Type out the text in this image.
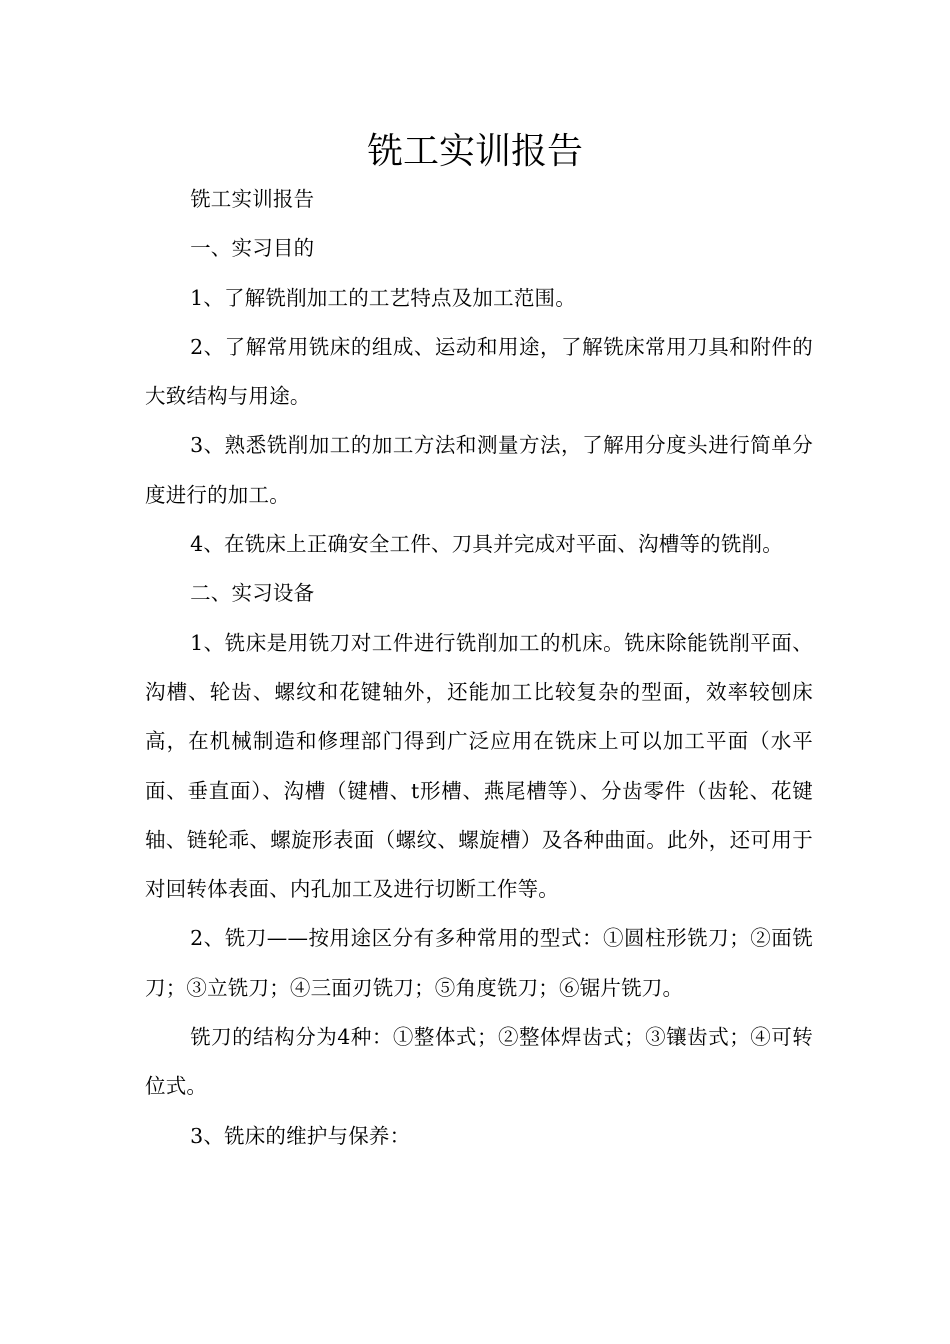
铣工实训报告

铣工实训报告

一、实习目的

1、了解铣削加工的工艺特点及加工范围。

2、了解常用铣床的组成、运动和用途，了解铣床常用刀具和附件的大致结构与用途。

3、熟悉铣削加工的加工方法和测量方法，了解用分度头进行简单分度进行的加工。

4、在铣床上正确安全工件、刀具并完成对平面、沟槽等的铣削。

二、实习设备

1、铣床是用铣刀对工件进行铣削加工的机床。铣床除能铣削平面、沟槽、轮齿、螺纹和花键轴外，还能加工比较复杂的型面，效率较刨床高，在机械制造和修理部门得到广泛应用在铣床上可以加工平面（水平面、垂直面）、沟槽（键槽、t形槽、燕尾槽等）、分齿零件（齿轮、花键轴、链轮乖、螺旋形表面（螺纹、螺旋槽）及各种曲面。此外，还可用于对回转体表面、内孔加工及进行切断工作等。

2、铣刀——按用途区分有多种常用的型式：①圆柱形铣刀；②面铣刀；③立铣刀；④三面刃铣刀；⑤角度铣刀；⑥锯片铣刀。

铣刀的结构分为4种：①整体式；②整体焊齿式；③镶齿式；④可转位式。

3、铣床的维护与保养：
